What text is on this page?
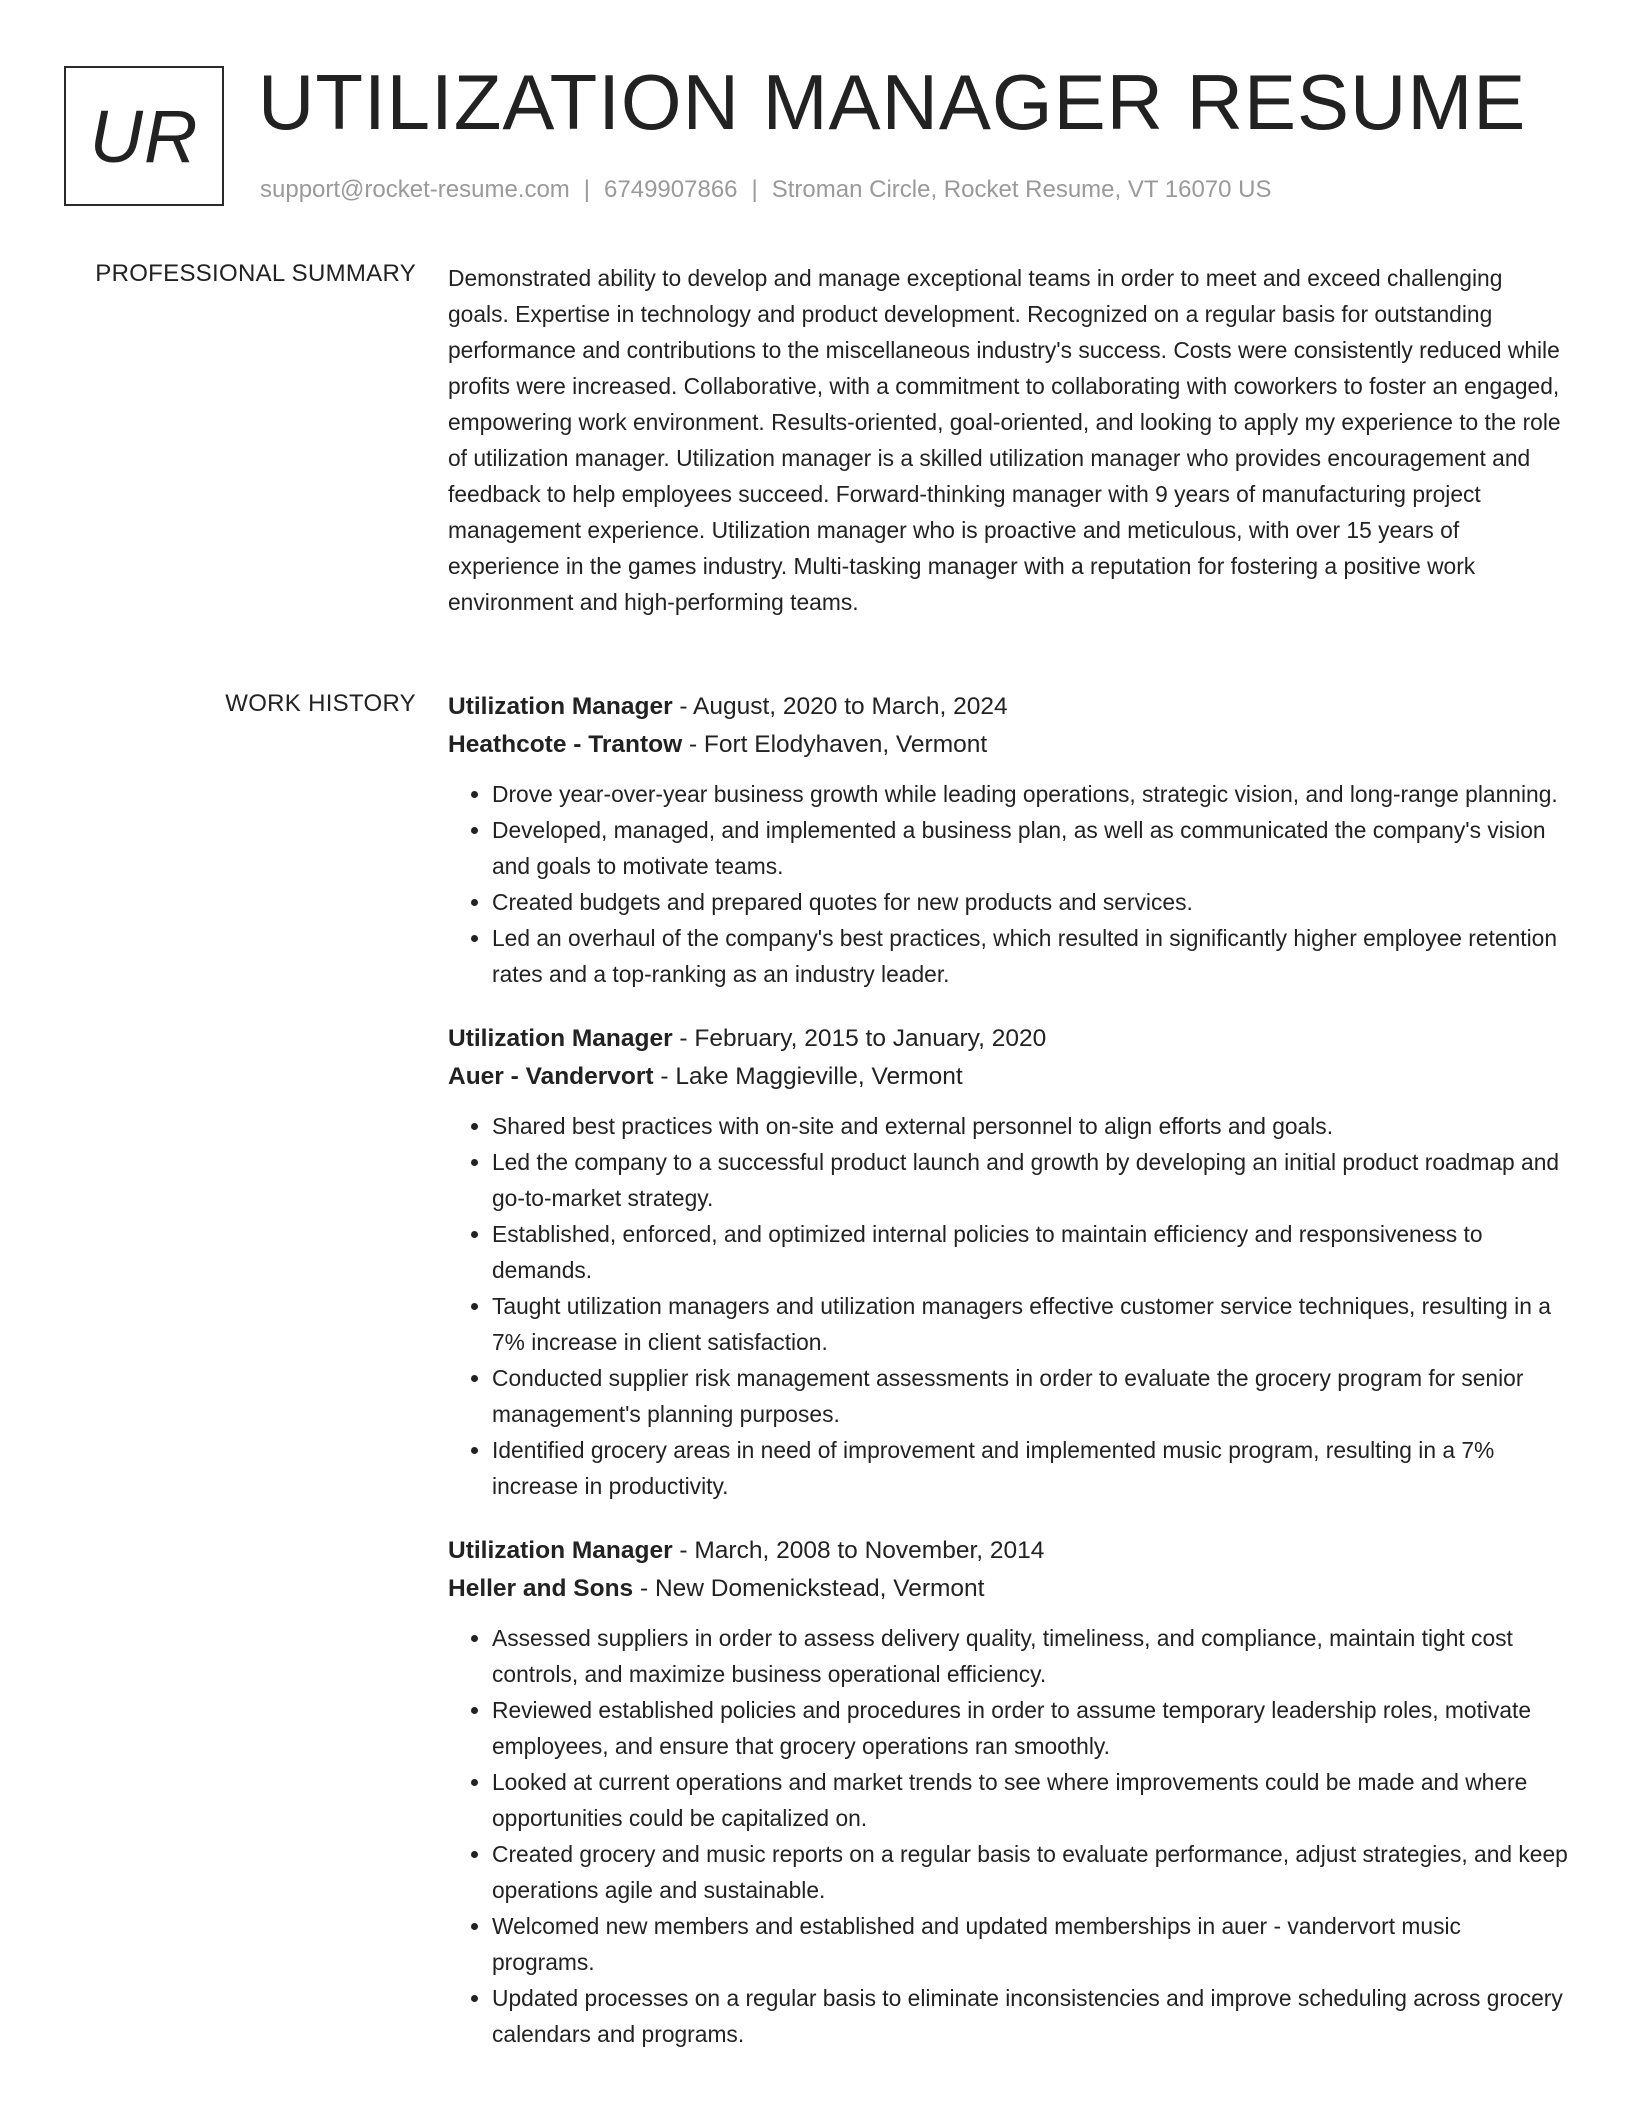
UR UTILIZATION MANAGER RESUME
support@rocket-resume.com | 6749907866 | Stroman Circle, Rocket Resume, VT 16070 US
PROFESSIONAL SUMMARY Demonstrated ability to develop and manage exceptional teams in order to meet and exceed challenging goals. Expertise in technology and product development. Recognized on a regular basis for outstanding performance and contributions to the miscellaneous industry's success. Costs were consistently reduced while profits were increased. Collaborative, with a commitment to collaborating with coworkers to foster an engaged, empowering work environment. Results-oriented, goal-oriented, and looking to apply my experience to the role of utilization manager. Utilization manager is a skilled utilization manager who provides encouragement and feedback to help employees succeed. Forward-thinking manager with 9 years of manufacturing project management experience. Utilization manager who is proactive and meticulous, with over 15 years of experience in the games industry. Multi-tasking manager with a reputation for fostering a positive work environment and high-performing teams.

WORK HISTORY Utilization Manager - August, 2020 to March, 2024
Heathcote - Trantow - Fort Elodyhaven, Vermont
• Drove year-over-year business growth while leading operations, strategic vision, and long-range planning.
• Developed, managed, and implemented a business plan, as well as communicated the company's vision and goals to motivate teams.
• Created budgets and prepared quotes for new products and services.
• Led an overhaul of the company's best practices, which resulted in significantly higher employee retention rates and a top-ranking as an industry leader.
Utilization Manager - February, 2015 to January, 2020
Auer - Vandervort - Lake Maggieville, Vermont
• Shared best practices with on-site and external personnel to align efforts and goals.
• Led the company to a successful product launch and growth by developing an initial product roadmap and go-to-market strategy.
• Established, enforced, and optimized internal policies to maintain efficiency and responsiveness to demands.
• Taught utilization managers and utilization managers effective customer service techniques, resulting in a 7% increase in client satisfaction.
• Conducted supplier risk management assessments in order to evaluate the grocery program for senior management's planning purposes.
• Identified grocery areas in need of improvement and implemented music program, resulting in a 7% increase in productivity.
Utilization Manager - March, 2008 to November, 2014
Heller and Sons - New Domenickstead, Vermont
• Assessed suppliers in order to assess delivery quality, timeliness, and compliance, maintain tight cost controls, and maximize business operational efficiency.
• Reviewed established policies and procedures in order to assume temporary leadership roles, motivate employees, and ensure that grocery operations ran smoothly.
• Looked at current operations and market trends to see where improvements could be made and where opportunities could be capitalized on.
• Created grocery and music reports on a regular basis to evaluate performance, adjust strategies, and keep operations agile and sustainable.
• Welcomed new members and established and updated memberships in auer - vandervort music programs.
• Updated processes on a regular basis to eliminate inconsistencies and improve scheduling across grocery calendars and programs.
